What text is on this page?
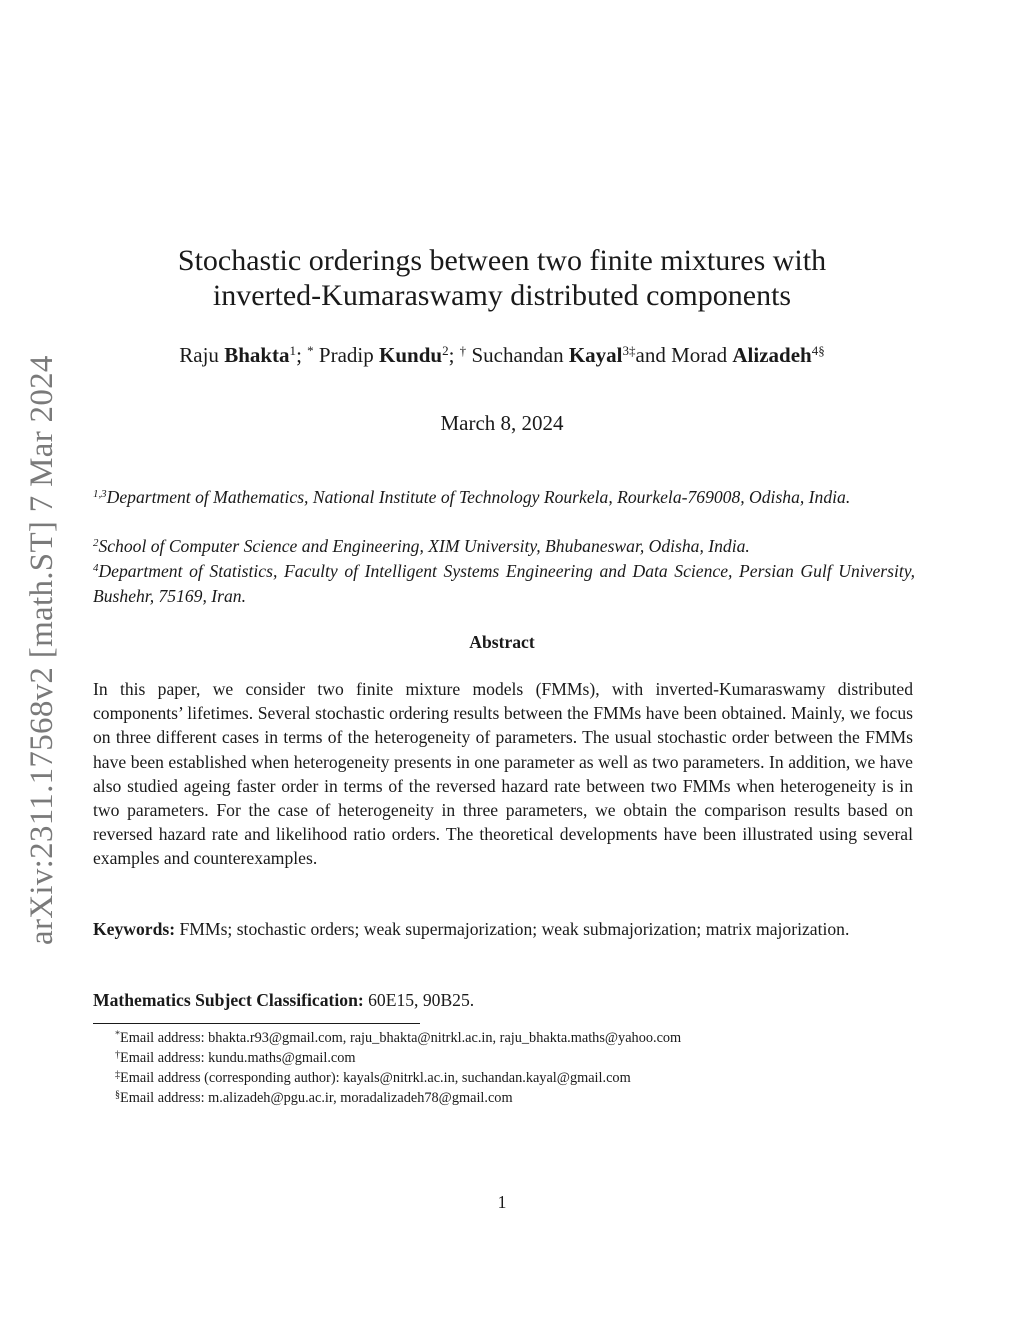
arXiv:2311.17568v2 [math.ST] 7 Mar 2024
Stochastic orderings between two finite mixtures with
inverted-Kumaraswamy distributed components
Raju Bhakta$^1$; * Pradip Kundu$^2$; † Suchandan Kayal$^{3\ddagger}$and Morad Alizadeh$^{4\S}$
March 8, 2024
$^{1,3}$Department of Mathematics, National Institute of Technology Rourkela, Rourkela-769008, Odisha, India.
$^2$School of Computer Science and Engineering, XIM University, Bhubaneswar, Odisha, India.
$^4$Department of Statistics, Faculty of Intelligent Systems Engineering and Data Science, Persian Gulf University, Bushehr, 75169, Iran.
Abstract
In this paper, we consider two finite mixture models (FMMs), with inverted-Kumaraswamy distributed components’ lifetimes. Several stochastic ordering results between the FMMs have been obtained. Mainly, we focus on three different cases in terms of the heterogeneity of parameters. The usual stochastic order between the FMMs have been established when heterogeneity presents in one parameter as well as two parameters. In addition, we have also studied ageing faster order in terms of the reversed hazard rate between two FMMs when heterogeneity is in two parameters. For the case of heterogeneity in three parameters, we obtain the comparison results based on reversed hazard rate and likelihood ratio orders. The theoretical developments have been illustrated using several examples and counterexamples.
Keywords: FMMs; stochastic orders; weak supermajorization; weak submajorization; matrix majorization.
Mathematics Subject Classification: 60E15, 90B25.
*Email address: bhakta.r93@gmail.com, raju_bhakta@nitrkl.ac.in, raju_bhakta.maths@yahoo.com
†Email address: kundu.maths@gmail.com
‡Email address (corresponding author): kayals@nitrkl.ac.in, suchandan.kayal@gmail.com
§Email address: m.alizadeh@pgu.ac.ir, moradalizadeh78@gmail.com
1
